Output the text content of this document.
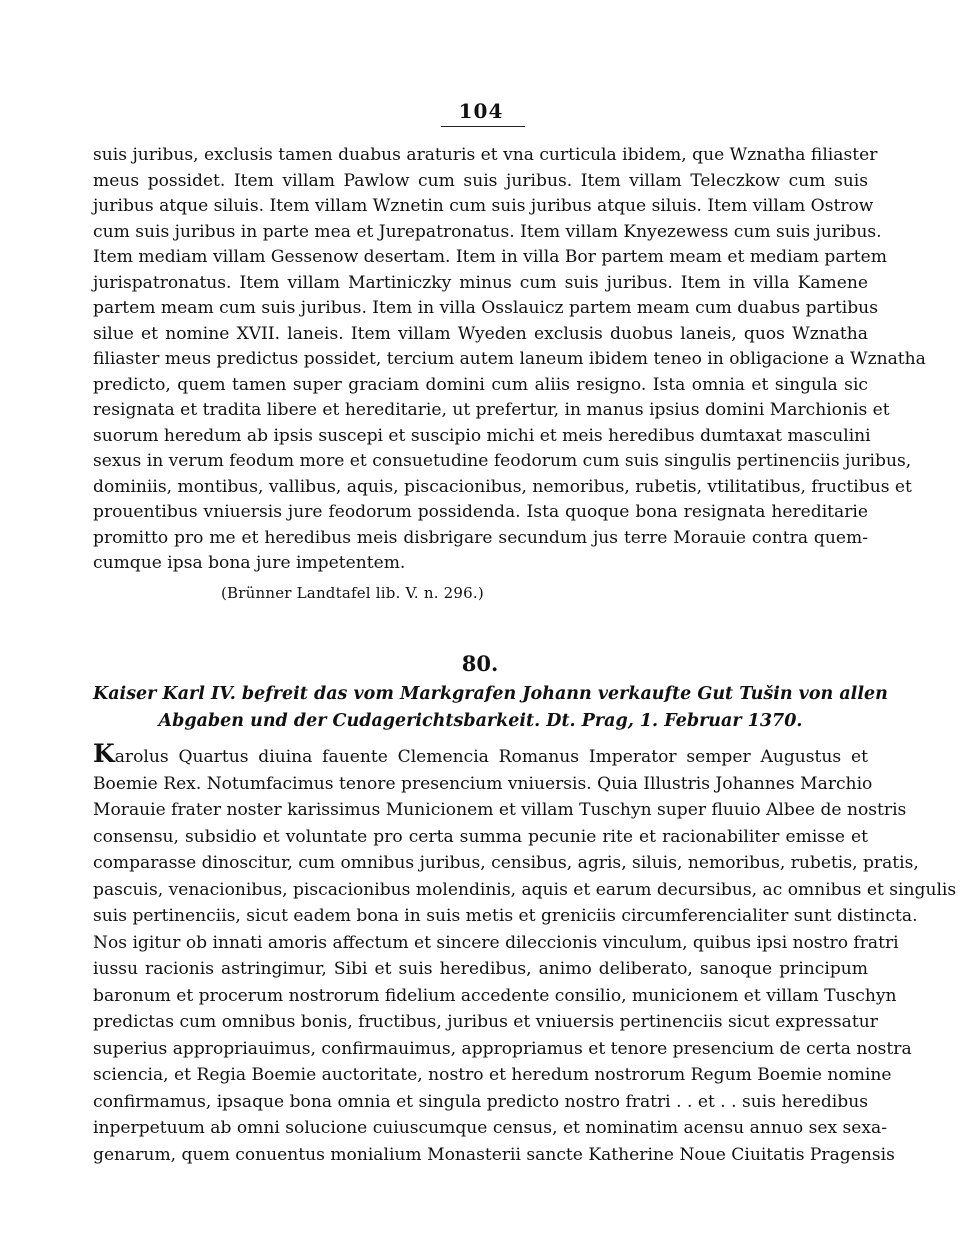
104
suis juribus, exclusis tamen duabus araturis et vna curticula ibidem, que Wznatha filiaster
meus possidet. Item villam Pawlow cum suis juribus. Item villam Teleczkow cum suis
juribus atque siluis. Item villam Wznetin cum suis juribus atque siluis. Item villam Ostrow
cum suis juribus in parte mea et Jurepatronatus. Item villam Knyezewess cum suis juribus.
Item mediam villam Gessenow desertam. Item in villa Bor partem meam et mediam partem
jurispatronatus. Item villam Martiniczky minus cum suis juribus. Item in villa Kamene
partem meam cum suis juribus. Item in villa Osslauicz partem meam cum duabus partibus
silue et nomine XVII. laneis. Item villam Wyeden exclusis duobus laneis, quos Wznatha
filiaster meus predictus possidet, tercium autem laneum ibidem teneo in obligacione a Wznatha
predicto, quem tamen super graciam domini cum aliis resigno. Ista omnia et singula sic
resignata et tradita libere et hereditarie, ut prefertur, in manus ipsius domini Marchionis et
suorum heredum ab ipsis suscepi et suscipio michi et meis heredibus dumtaxat masculini
sexus in verum feodum more et consuetudine feodorum cum suis singulis pertinenciis juribus,
dominiis, montibus, vallibus, aquis, piscacionibus, nemoribus, rubetis, vtilitatibus, fructibus et
prouentibus vniuersis jure feodorum possidenda. Ista quoque bona resignata hereditarie
promitto pro me et heredibus meis disbrigare secundum jus terre Morauie contra quem-
cumque ipsa bona jure impetentem.
(Brünner Landtafel lib. V. n. 296.)
80.
Kaiser Karl IV. befreit das vom Markgrafen Johann verkaufte Gut Tušin von allen
Abgaben und der Cudagerichtsbarkeit. Dt. Prag, 1. Februar 1370.
Karolus Quartus diuina fauente Clemencia Romanus Imperator semper Augustus et
Boemie Rex. Notumfacimus tenore presencium vniuersis. Quia Illustris Johannes Marchio
Morauie frater noster karissimus Municionem et villam Tuschyn super fluuio Albee de nostris
consensu, subsidio et voluntate pro certa summa pecunie rite et racionabiliter emisse et
comparasse dinoscitur, cum omnibus juribus, censibus, agris, siluis, nemoribus, rubetis, pratis,
pascuis, venacionibus, piscacionibus molendinis, aquis et earum decursibus, ac omnibus et singulis
suis pertinenciis, sicut eadem bona in suis metis et greniciis circumferencialiter sunt distincta.
Nos igitur ob innati amoris affectum et sincere dileccionis vinculum, quibus ipsi nostro fratri
iussu racionis astringimur, Sibi et suis heredibus, animo deliberato, sanoque principum
baronum et procerum nostrorum fidelium accedente consilio, municionem et villam Tuschyn
predictas cum omnibus bonis, fructibus, juribus et vniuersis pertinenciis sicut expressatur
superius appropriauimus, confirmauimus, appropriamus et tenore presencium de certa nostra
sciencia, et Regia Boemie auctoritate, nostro et heredum nostrorum Regum Boemie nomine
confirmamus, ipsaque bona omnia et singula predicto nostro fratri . . et . . suis heredibus
inperpetuum ab omni solucione cuiuscumque census, et nominatim acensu annuo sex sexa-
genarum, quem conuentus monialium Monasterii sancte Katherine Noue Ciuitatis Pragensis
